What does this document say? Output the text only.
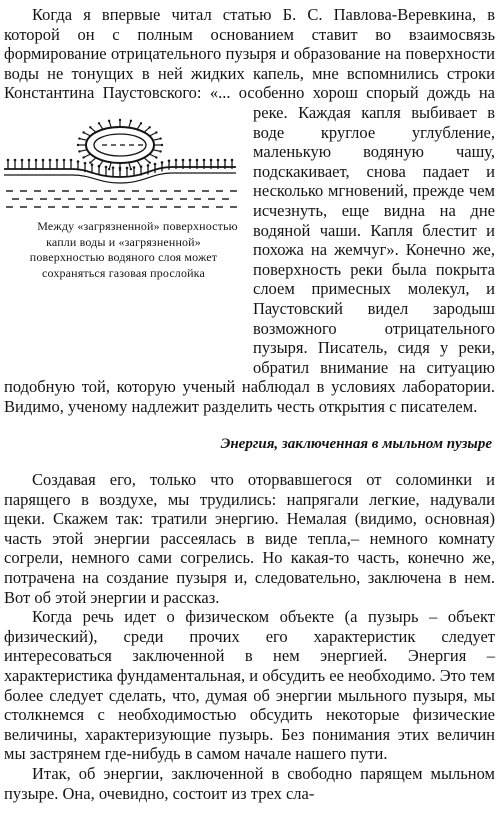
Когда я впервые читал статью Б. С. Павлова-Веревкина, в которой он с полным основанием ставит во взаимосвязь формирование отрицательного пузыря и образование на поверхности воды не тонущих в ней жидких капель, мне вспомнились строки Константина Паустовского: «... особенно хорош спорый дождь на реке.
Между «загрязненной» поверхностью капли воды и «загрязненной» поверхностью водяного слоя может сохраняться газовая прослойка
Каждая капля выбивает в воде круглое углубление, маленькую водяную чашу, подскакивает, снова падает и несколько мгновений, прежде чем исчезнуть, еще видна на дне водяной чаши. Капля блестит и похожа на жемчуг». Конечно же, поверхность реки была покрыта слоем примесных молекул, и Паустовский видел зародыш возможного отрицательного пузыря. Писатель, сидя у реки, обратил внимание на ситуацию подобную той, которую ученый наблюдал в условиях лаборатории. Видимо, ученому надлежит разделить честь открытия с писателем.

Энергия, заключенная в мыльном пузыре

Создавая его, только что оторвавшегося от соломинки и парящего в воздухе, мы трудились: напрягали легкие, надували щеки. Скажем так: тратили энергию. Немалая (видимо, основная) часть этой энергии рассеялась в виде тепла,– немного комнату согрели, немного сами согрелись. Но какая-то часть, конечно же, потрачена на создание пузыря и, следовательно, заключена в нем. Вот об этой энергии и рассказ.

Когда речь идет о физическом объекте (а пузырь – объект физический), среди прочих его характеристик следует интересоваться заключенной в нем энергией. Энергия – характеристика фундаментальная, и обсудить ее необходимо. Это тем более следует сделать, что, думая об энергии мыльного пузыря, мы столкнемся с необходимостью обсудить некоторые физические величины, характеризующие пузырь. Без понимания этих величин мы застрянем где-нибудь в самом начале нашего пути.

Итак, об энергии, заключенной в свободно парящем мыльном пузыре. Она, очевидно, состоит из трех сла-
